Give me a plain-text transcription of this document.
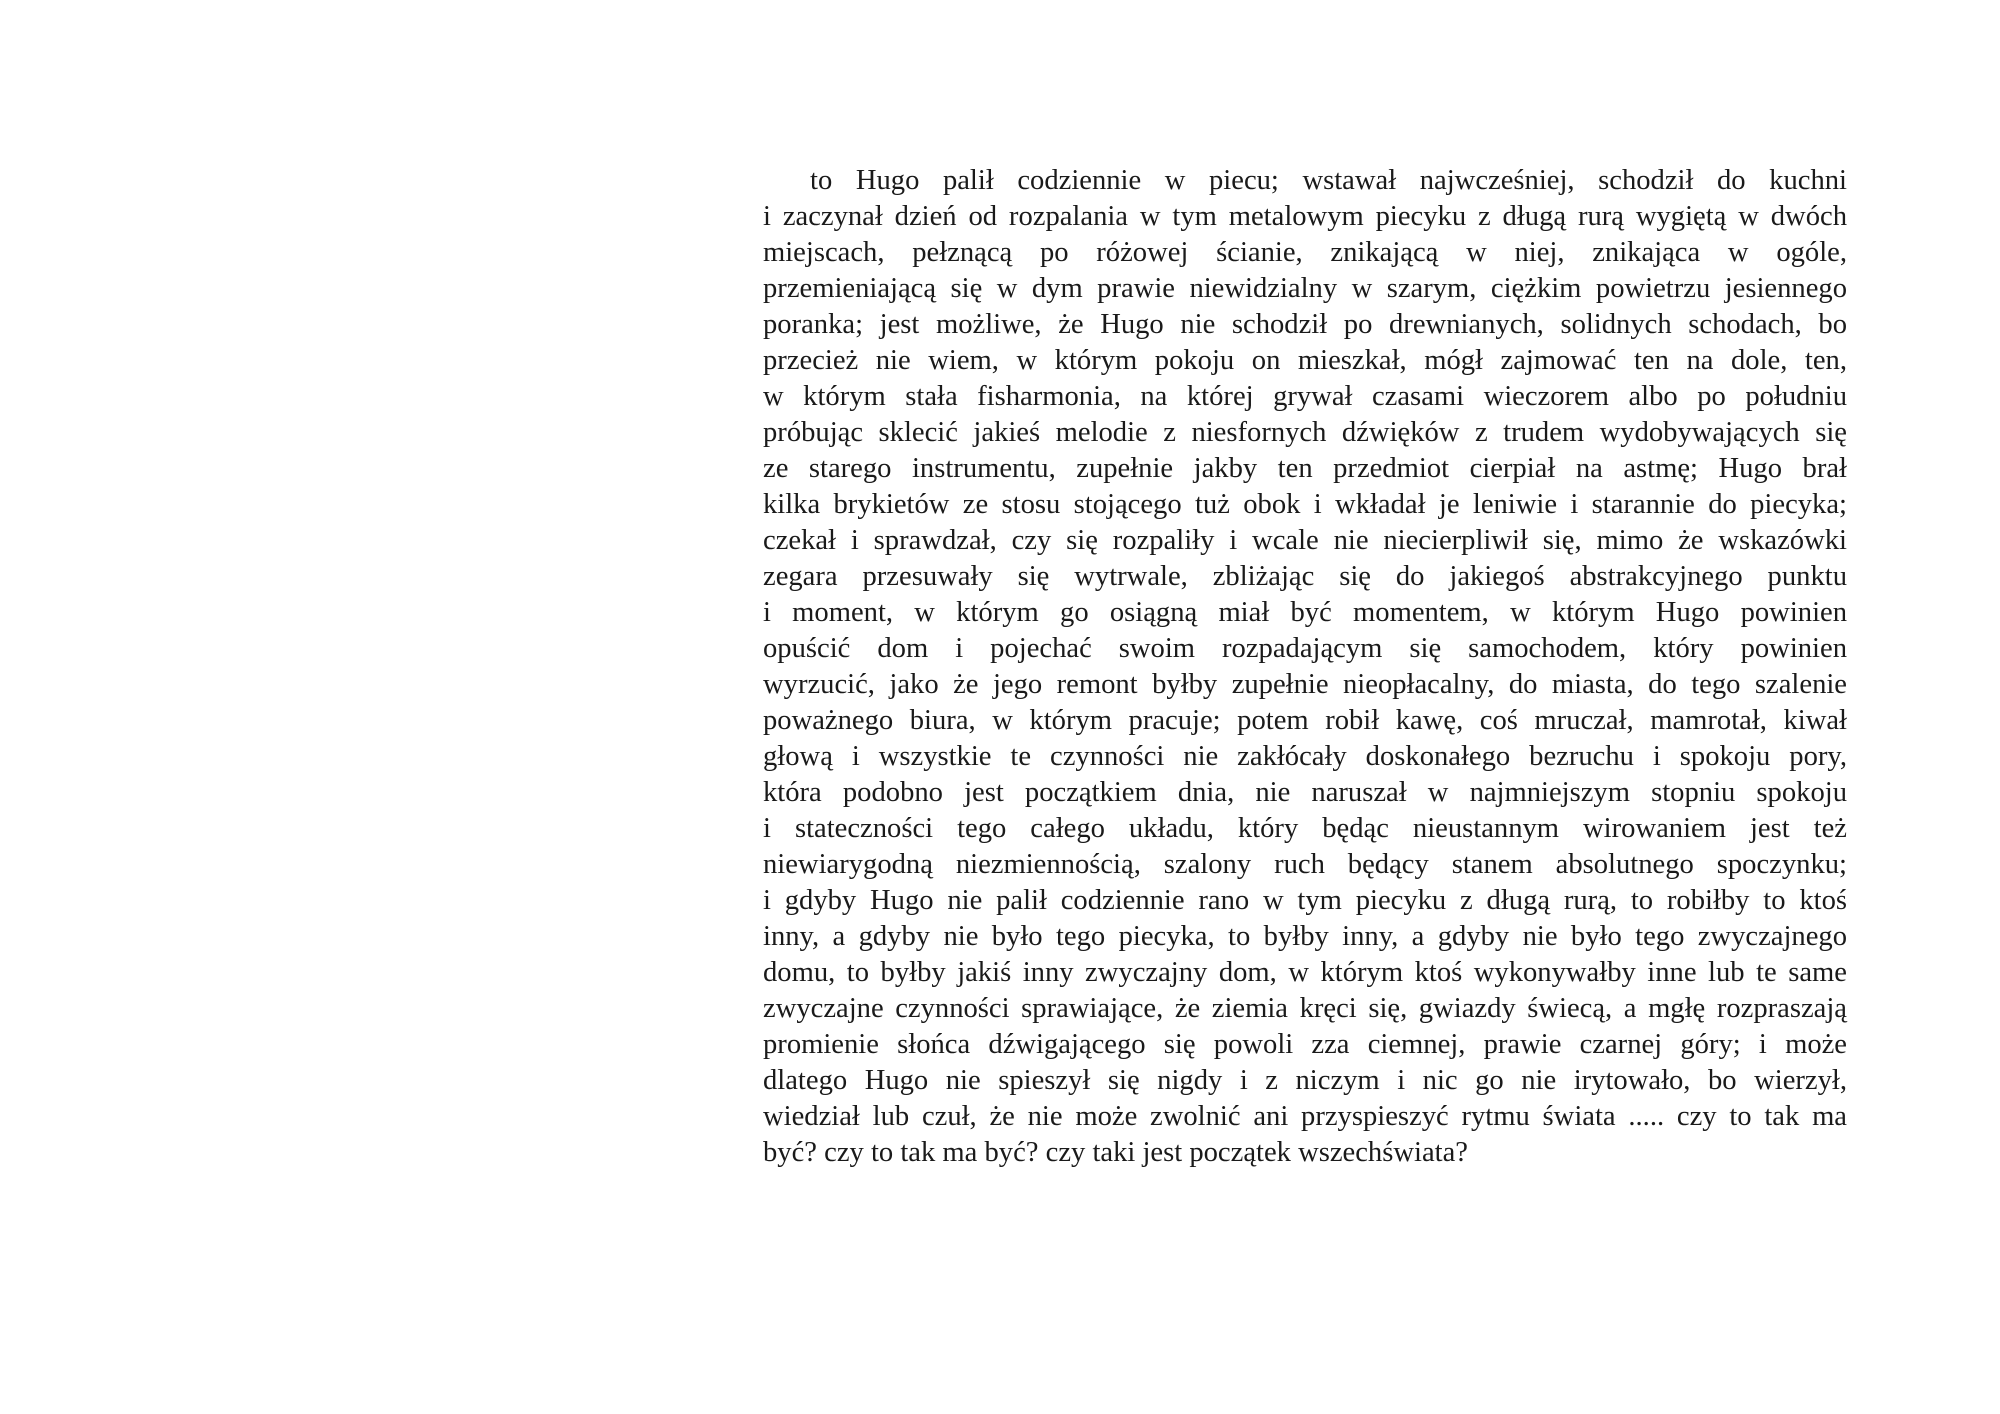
to Hugo palił codziennie w piecu; wstawał najwcześniej, schodził do kuchni
i zaczynał dzień od rozpalania w tym metalowym piecyku z długą rurą wygiętą w dwóch
miejscach, pełznącą po różowej ścianie, znikającą w niej, znikająca w ogóle,
przemieniającą się w dym prawie niewidzialny w szarym, ciężkim powietrzu jesiennego
poranka; jest możliwe, że Hugo nie schodził po drewnianych, solidnych schodach, bo
przecież nie wiem, w którym pokoju on mieszkał, mógł zajmować ten na dole, ten,
w którym stała fisharmonia, na której grywał czasami wieczorem albo po południu
próbując sklecić jakieś melodie z niesfornych dźwięków z trudem wydobywających się
ze starego instrumentu, zupełnie jakby ten przedmiot cierpiał na astmę; Hugo brał
kilka brykietów ze stosu stojącego tuż obok i wkładał je leniwie i starannie do piecyka;
czekał i sprawdzał, czy się rozpaliły i wcale nie niecierpliwił się, mimo że wskazówki
zegara przesuwały się wytrwale, zbliżając się do jakiegoś abstrakcyjnego punktu
i moment, w którym go osiągną miał być momentem, w którym Hugo powinien
opuścić dom i pojechać swoim rozpadającym się samochodem, który powinien
wyrzucić, jako że jego remont byłby zupełnie nieopłacalny, do miasta, do tego szalenie
poważnego biura, w którym pracuje; potem robił kawę, coś mruczał, mamrotał, kiwał
głową i wszystkie te czynności nie zakłócały doskonałego bezruchu i spokoju pory,
która podobno jest początkiem dnia, nie naruszał w najmniejszym stopniu spokoju
i stateczności tego całego układu, który będąc nieustannym wirowaniem jest też
niewiarygodną niezmiennością, szalony ruch będący stanem absolutnego spoczynku;
i gdyby Hugo nie palił codziennie rano w tym piecyku z długą rurą, to robiłby to ktoś
inny, a gdyby nie było tego piecyka, to byłby inny, a gdyby nie było tego zwyczajnego
domu, to byłby jakiś inny zwyczajny dom, w którym ktoś wykonywałby inne lub te same
zwyczajne czynności sprawiające, że ziemia kręci się, gwiazdy świecą, a mgłę rozpraszają
promienie słońca dźwigającego się powoli zza ciemnej, prawie czarnej góry; i może
dlatego Hugo nie spieszył się nigdy i z niczym i nic go nie irytowało, bo wierzył,
wiedział lub czuł, że nie może zwolnić ani przyspieszyć rytmu świata ..... czy to tak ma
być? czy to tak ma być? czy taki jest początek wszechświata?
